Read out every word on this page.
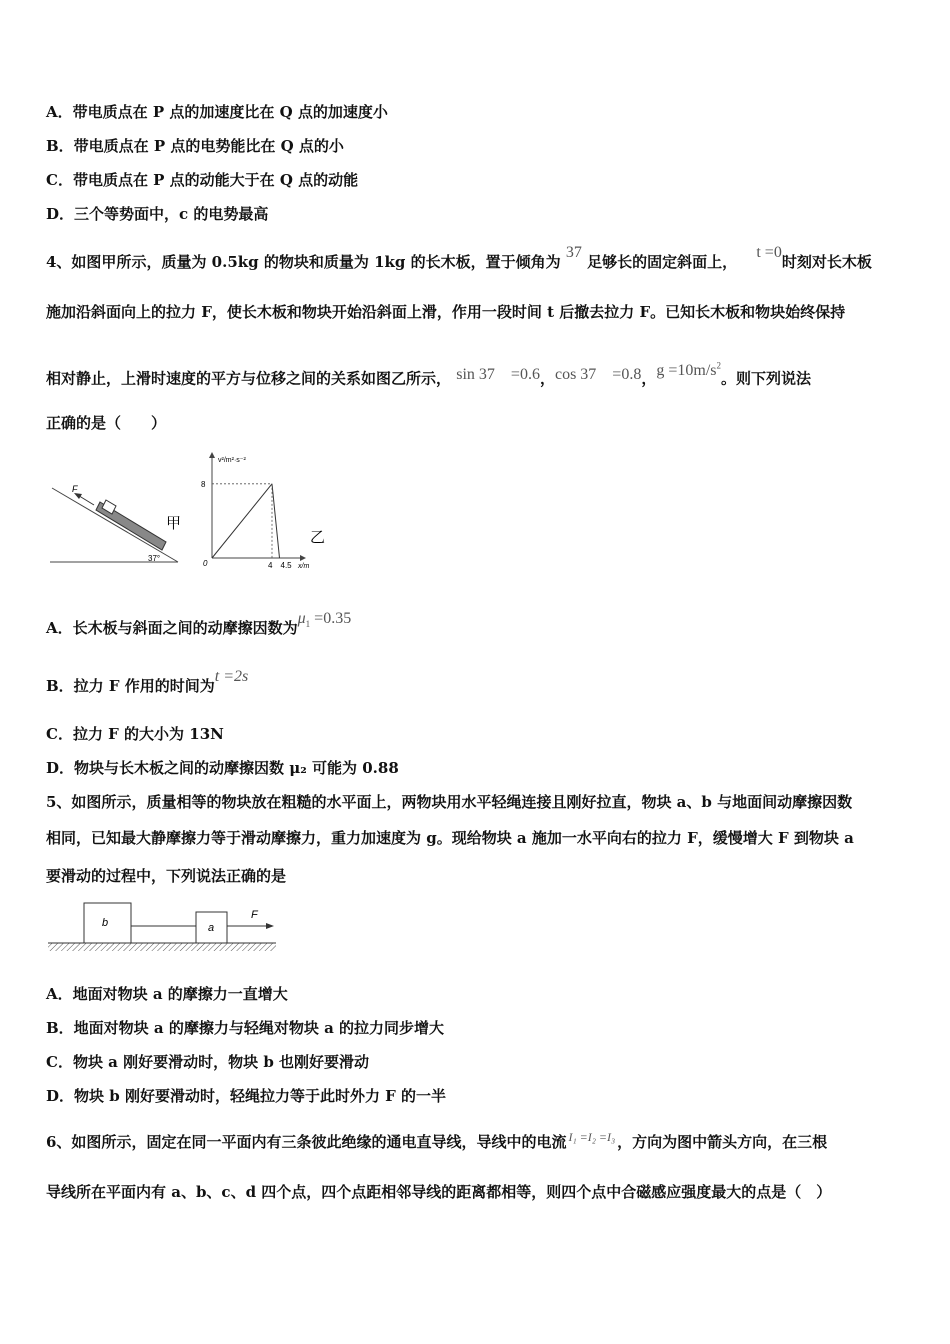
A．带电质点在 P 点的加速度比在 Q 点的加速度小
B．带电质点在 P 点的电势能比在 Q 点的小
C．带电质点在 P 点的动能大于在 Q 点的动能
D．三个等势面中，c 的电势最高
4、如图甲所示，质量为 0.5kg 的物块和质量为 1kg 的长木板，置于倾角为 37 足够长的固定斜面上， t =0时刻对长木板
施加沿斜面向上的拉力 F，使长木板和物块开始沿斜面上滑，作用一段时间 t 后撤去拉力 F。已知长木板和物块始终保持
相对静止，上滑时速度的平方与位移之间的关系如图乙所示， sin 37　=0.6，cos 37　=0.8，$g =10m/s^2$。则下列说法
正确的是（　　）
F
37°
甲
v²/m²·s⁻²
x/m
0
8
4 4.5
乙
A．长木板与斜面之间的动摩擦因数为$\mu_1 =0.35$
B．拉力 F 作用的时间为t =2s
C．拉力 F 的大小为 13N
D．物块与长木板之间的动摩擦因数 μ₂ 可能为 0.88
5、如图所示，质量相等的物块放在粗糙的水平面上，两物块用水平轻绳连接且刚好拉直，物块 a、b 与地面间动摩擦因数
相同，已知最大静摩擦力等于滑动摩擦力，重力加速度为 g。现给物块 a 施加一水平向右的拉力 F，缓慢增大 F 到物块 a
要滑动的过程中，下列说法正确的是
b	a
F
A．地面对物块 a 的摩擦力一直增大
B．地面对物块 a 的摩擦力与轻绳对物块 a 的拉力同步增大
C．物块 a 刚好要滑动时，物块 b 也刚好要滑动
D．物块 b 刚好要滑动时，轻绳拉力等于此时外力 F 的一半
6、如图所示，固定在同一平面内有三条彼此绝缘的通电直导线，导线中的电流 $^{I_1 =I_2 =I_3}$ ，方向为图中箭头方向，在三根
导线所在平面内有 a、b、c、d 四个点，四个点距相邻导线的距离都相等，则四个点中合磁感应强度最大的点是（　）
